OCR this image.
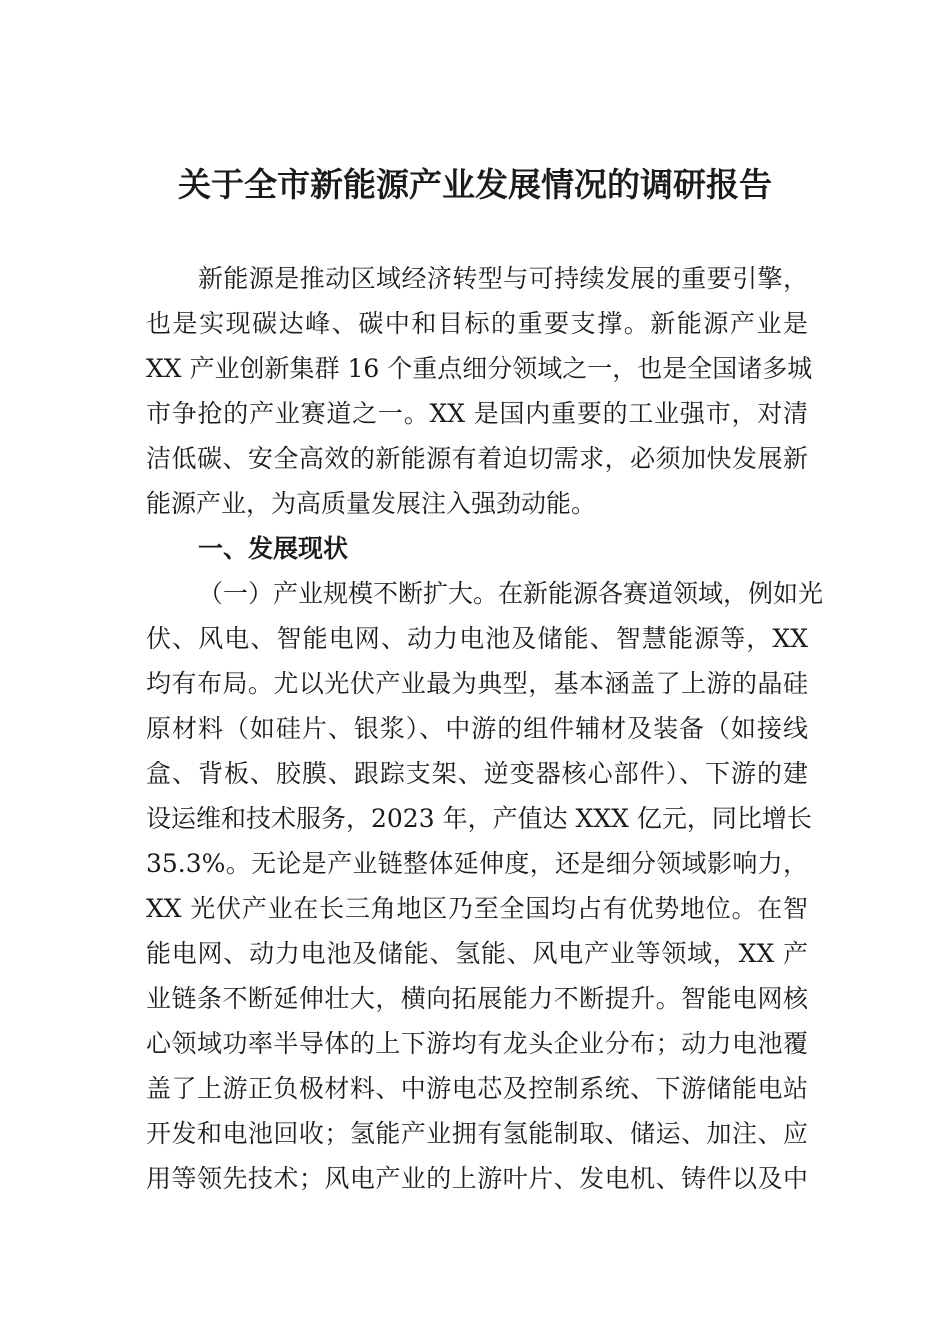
关于全市新能源产业发展情况的调研报告
新能源是推动区域经济转型与可持续发展的重要引擎，
也是实现碳达峰、碳中和目标的重要支撑。新能源产业是
XX 产业创新集群 16 个重点细分领域之一，也是全国诸多城
市争抢的产业赛道之一。XX 是国内重要的工业强市，对清
洁低碳、安全高效的新能源有着迫切需求，必须加快发展新
能源产业，为高质量发展注入强劲动能。
一、发展现状
（一）产业规模不断扩大。在新能源各赛道领域，例如光
伏、风电、智能电网、动力电池及储能、智慧能源等，XX
均有布局。尤以光伏产业最为典型，基本涵盖了上游的晶硅
原材料（如硅片、银浆）、中游的组件辅材及装备（如接线
盒、背板、胶膜、跟踪支架、逆变器核心部件）、下游的建
设运维和技术服务，2023 年，产值达 XXX 亿元，同比增长
35.3%。无论是产业链整体延伸度，还是细分领域影响力，
XX 光伏产业在长三角地区乃至全国均占有优势地位。在智
能电网、动力电池及储能、氢能、风电产业等领域，XX 产
业链条不断延伸壮大，横向拓展能力不断提升。智能电网核
心领域功率半导体的上下游均有龙头企业分布；动力电池覆
盖了上游正负极材料、中游电芯及控制系统、下游储能电站
开发和电池回收；氢能产业拥有氢能制取、储运、加注、应
用等领先技术；风电产业的上游叶片、发电机、铸件以及中
